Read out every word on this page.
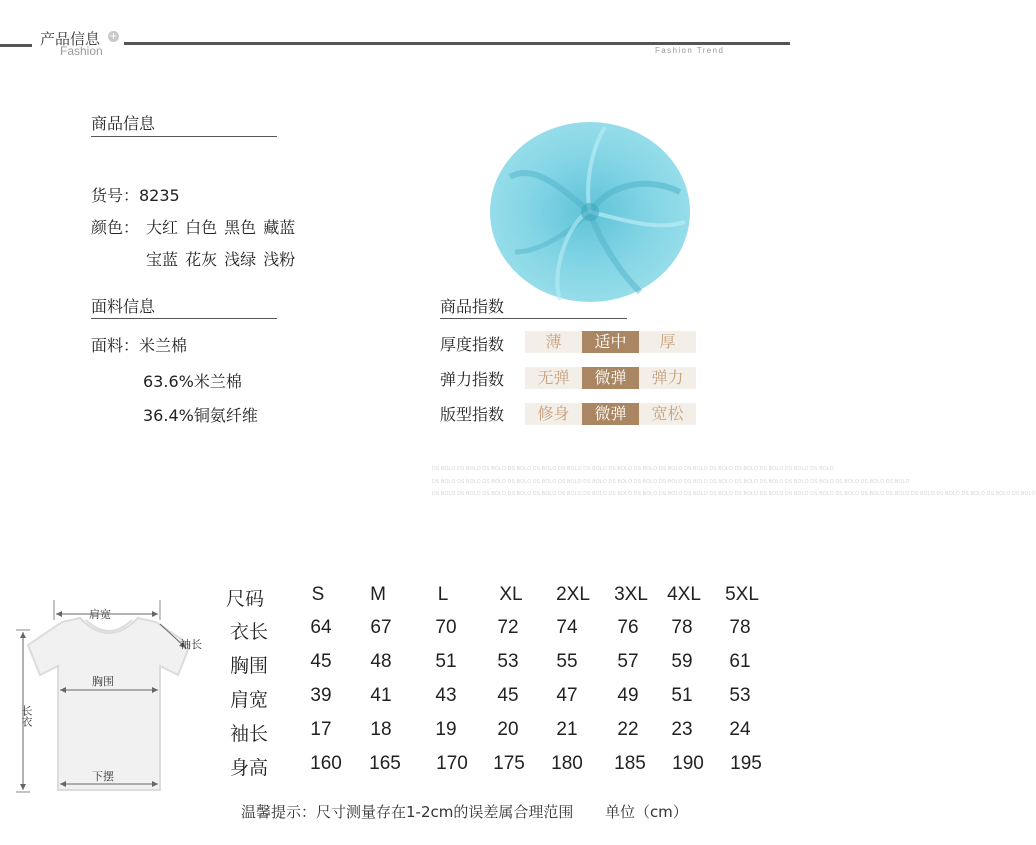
产品信息 +
Fashion	Fashion Trend
商品信息
货号：8235
颜色： 大红 白色 黑色 藏蓝
宝蓝 花灰 浅绿 浅粉
面料信息
面料：米兰棉
63.6%米兰棉
36.4%铜氨纤维
商品指数
厚度指数	薄	适中	厚
弹力指数	无弹	微弹	弹力
版型指数	修身	微弹	宽松
DS BOLO DS BOLO DS BOLO DS BOLO DS BOLO DS BOLO DS BOLO DS BOLO DS BOLO DS BOLO DS BOLO DS BOLO DS BOLO DS BOLO DS BOLO DS BOLO
DS BOLO DS BOLO DS BOLO DS BOLO DS BOLO DS BOLO DS BOLO DS BOLO DS BOLO DS BOLO DS BOLO DS BOLO DS BOLO DS BOLO DS BOLO DS BOLO DS BOLO DS BOLO DS BOLO
DS BOLO DS BOLO DS BOLO DS BOLO DS BOLO DS BOLO DS BOLO DS BOLO DS BOLO DS BOLO DS BOLO DS BOLO DS BOLO DS BOLO DS BOLO DS BOLO DS BOLO DS BOLO DS BOLO DS BOLO DS BOLO DS BOLO DS BOLO DS BOLO
肩宽
袖长
胸围
长衣
下摆
尺码	S	M	L	XL	2XL	3XL	4XL	5XL
衣长	64	67	70	72	74	76	78	78
胸围	45	48	51	53	55	57	59	61
肩宽	39	41	43	45	47	49	51	53
袖长	17	18	19	20	21	22	23	24
身高	160	165	170	175	180	185	190	195
温馨提示：尺寸测量存在1-2cm的误差属合理范围 单位（cm）
